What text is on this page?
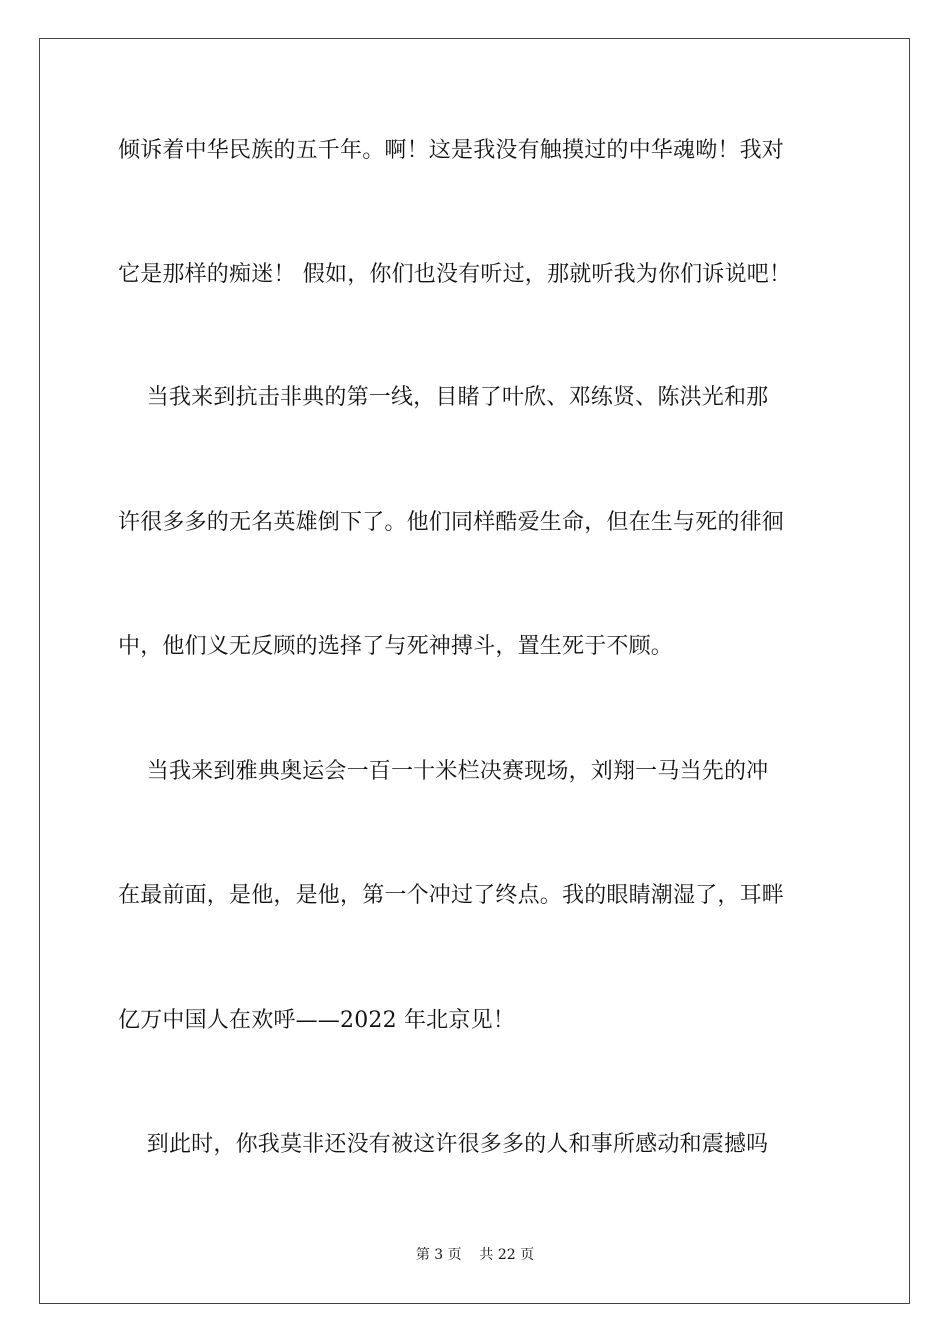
倾诉着中华民族的五千年。啊！这是我没有触摸过的中华魂呦！我对
它是那样的痴迷！ 假如，你们也没有听过，那就听我为你们诉说吧！
当我来到抗击非典的第一线，目睹了叶欣、邓练贤、陈洪光和那
许很多多的无名英雄倒下了。他们同样酷爱生命，但在生与死的徘徊
中，他们义无反顾的选择了与死神搏斗，置生死于不顾。
当我来到雅典奥运会一百一十米栏决赛现场，刘翔一马当先的冲
在最前面，是他，是他，第一个冲过了终点。我的眼睛潮湿了，耳畔
亿万中国人在欢呼——2022 年北京见！
到此时，你我莫非还没有被这许很多多的人和事所感动和震撼吗
第 3 页    共 22 页
